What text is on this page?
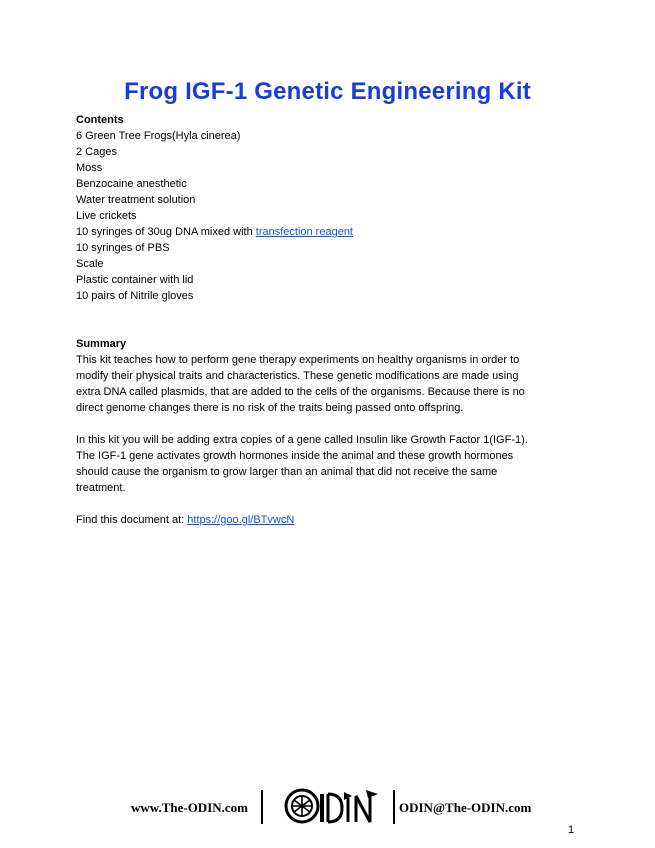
Frog IGF-1 Genetic Engineering Kit
Contents
6 Green Tree Frogs(Hyla cinerea)
2 Cages
Moss
Benzocaine anesthetic
Water treatment solution
Live crickets
10 syringes of 30ug DNA mixed with transfection reagent
10 syringes of PBS
Scale
Plastic container with lid
10 pairs of Nitrile gloves
Summary
This kit teaches how to perform gene therapy experiments on healthy organisms in order to
modify their physical traits and characteristics. These genetic modifications are made using
extra DNA called plasmids, that are added to the cells of the organisms. Because there is no
direct genome changes there is no risk of the traits being passed onto offspring.
In this kit you will be adding extra copies of a gene called Insulin like Growth Factor 1(IGF-1).
The IGF-1 gene activates growth hormones inside the animal and these growth hormones
should cause the organism to grow larger than an animal that did not receive the same
treatment.
Find this document at: https://goo.gl/BTvwcN
www.The-ODIN.com	ODIN@The-ODIN.com
1
